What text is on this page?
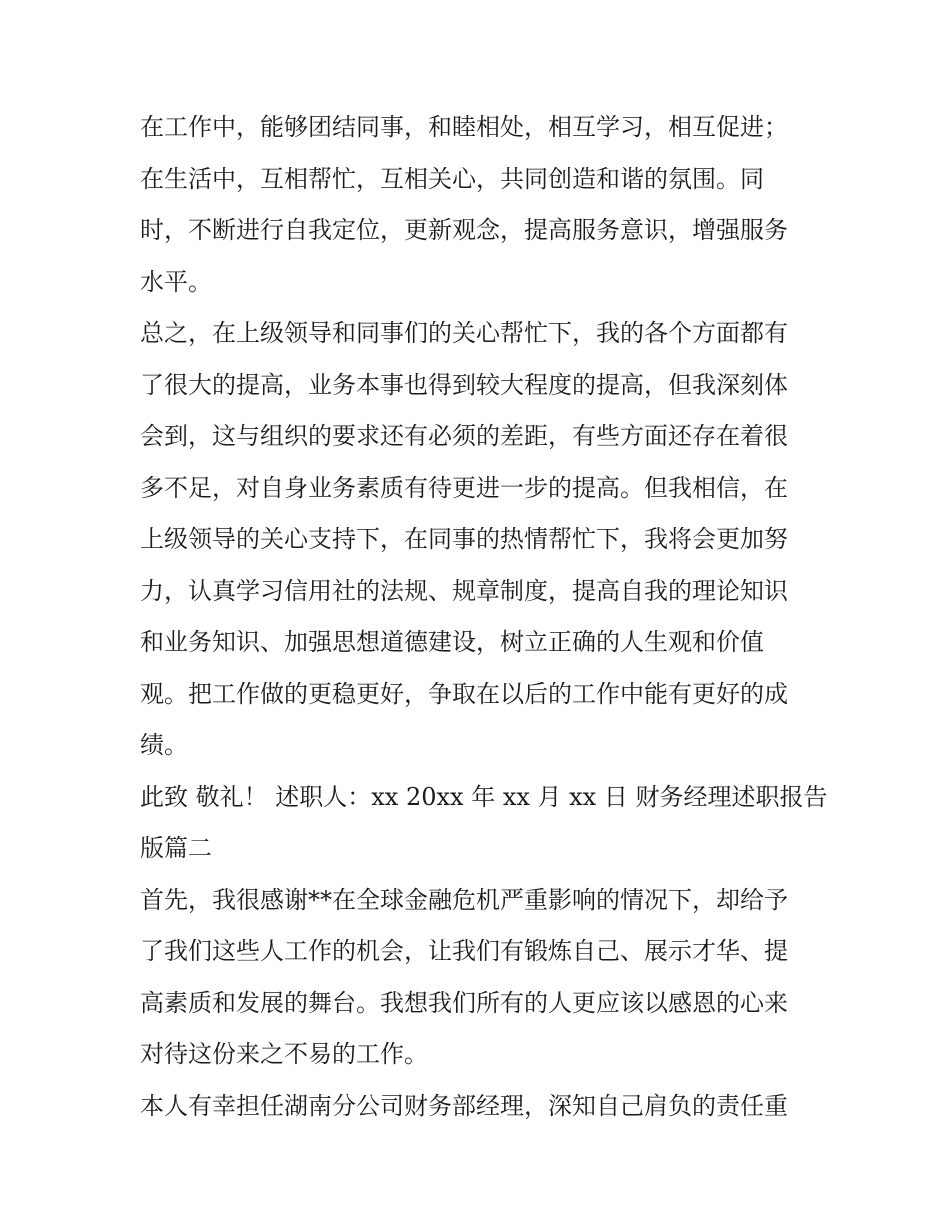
在工作中，能够团结同事，和睦相处，相互学习，相互促进；
在生活中，互相帮忙，互相关心，共同创造和谐的氛围。同
时，不断进行自我定位，更新观念，提高服务意识，增强服务
水平。
总之，在上级领导和同事们的关心帮忙下，我的各个方面都有
了很大的提高，业务本事也得到较大程度的提高，但我深刻体
会到，这与组织的要求还有必须的差距，有些方面还存在着很
多不足，对自身业务素质有待更进一步的提高。但我相信，在
上级领导的关心支持下，在同事的热情帮忙下，我将会更加努
力，认真学习信用社的法规、规章制度，提高自我的理论知识
和业务知识、加强思想道德建设，树立正确的人生观和价值
观。把工作做的更稳更好，争取在以后的工作中能有更好的成
绩。
此致 敬礼！ 述职人：xx 20xx 年 xx 月 xx 日 财务经理述职报告
版篇二
首先，我很感谢**在全球金融危机严重影响的情况下，却给予
了我们这些人工作的机会，让我们有锻炼自己、展示才华、提
高素质和发展的舞台。我想我们所有的人更应该以感恩的心来
对待这份来之不易的工作。
本人有幸担任湖南分公司财务部经理，深知自己肩负的责任重
